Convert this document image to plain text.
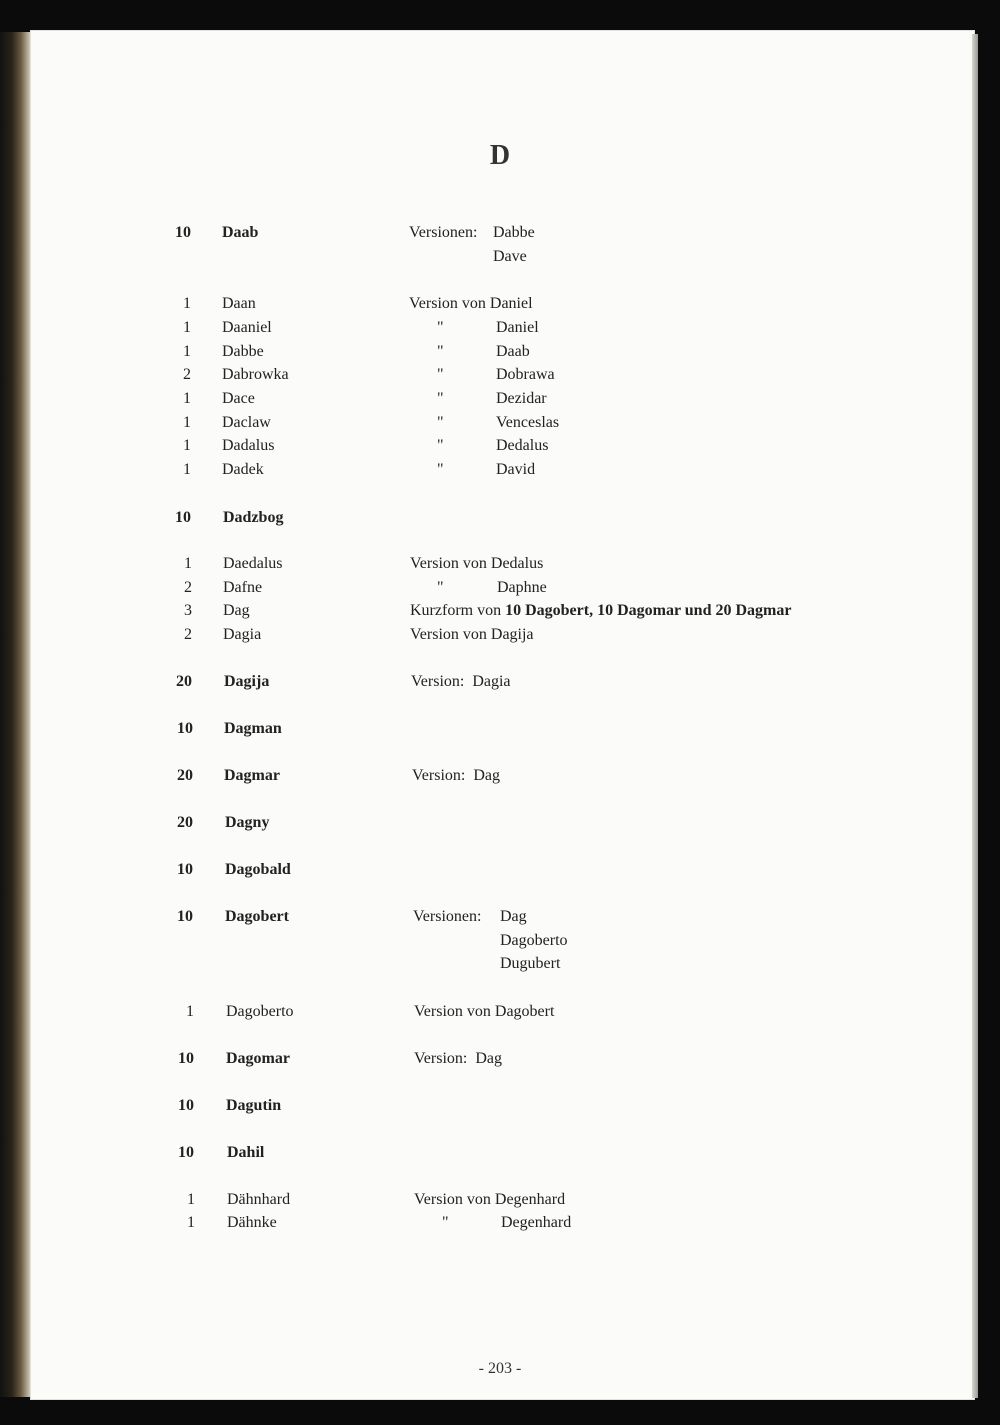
D
10 Daab	Versionen: Dabbe
Dave
1 Daan	Version von Daniel
1 Daaniel	"	Daniel
1 Dabbe	"	Daab
2 Dabrowka	"	Dobrawa
1 Dace	"	Dezidar
1 Daclaw	"	Venceslas
1 Dadalus	"	Dedalus
1 Dadek	"	David
10 Dadzbog
1 Daedalus	Version von Dedalus
2 Dafne	"	Daphne
3 Dag	Kurzform von 10 Dagobert, 10 Dagomar und 20 Dagmar
2 Dagia	Version von Dagija
20 Dagija	Version:  Dagia
10 Dagman
20 Dagmar	Version:  Dag
20 Dagny
10 Dagobald
10 Dagobert	Versionen: Dag
Dagoberto
Dugubert
1 Dagoberto	Version von Dagobert
10 Dagomar	Version:  Dag
10 Dagutin
10 Dahil
1 Dähnhard	Version von Degenhard
1 Dähnke	"	Degenhard
- 203 -
